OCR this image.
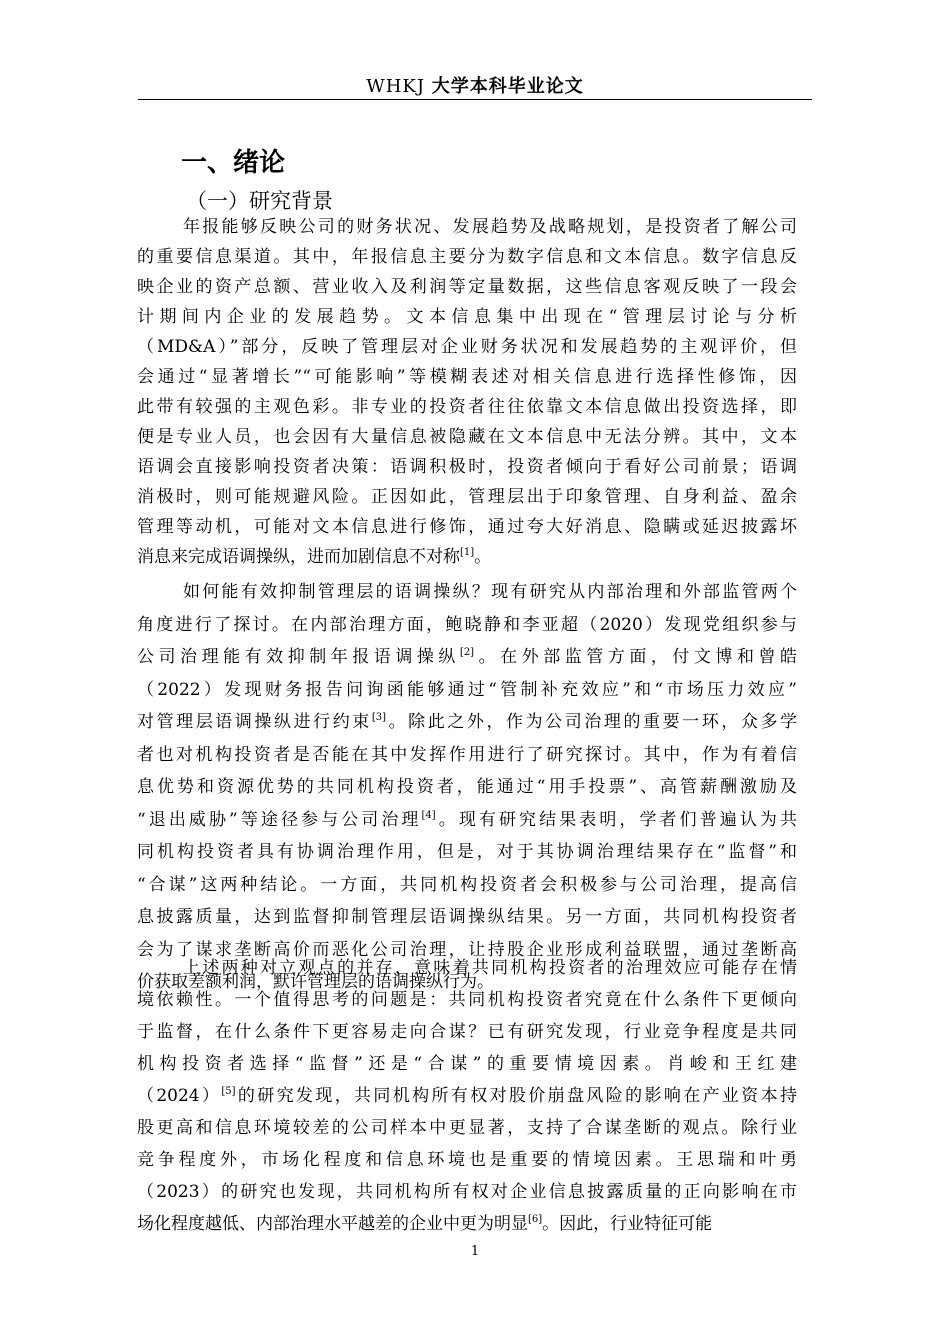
WHKJ 大学本科毕业论文
一、绪论
（一）研究背景
年报能够反映公司的财务状况、发展趋势及战略规划，是投资者了解公司
的重要信息渠道。其中，年报信息主要分为数字信息和文本信息。数字信息反
映企业的资产总额、营业收入及利润等定量数据，这些信息客观反映了一段会
计期间内企业的发展趋势。文本信息集中出现在“管理层讨论与分析
（MD&A）”部分，反映了管理层对企业财务状况和发展趋势的主观评价，但
会通过“显著增长”“可能影响”等模糊表述对相关信息进行选择性修饰，因
此带有较强的主观色彩。非专业的投资者往往依靠文本信息做出投资选择，即
便是专业人员，也会因有大量信息被隐藏在文本信息中无法分辨。其中，文本
语调会直接影响投资者决策：语调积极时，投资者倾向于看好公司前景；语调
消极时，则可能规避风险。正因如此，管理层出于印象管理、自身利益、盈余
管理等动机，可能对文本信息进行修饰，通过夸大好消息、隐瞒或延迟披露坏
消息来完成语调操纵，进而加剧信息不对称[1]。
如何能有效抑制管理层的语调操纵？现有研究从内部治理和外部监管两个
角度进行了探讨。在内部治理方面，鲍晓静和李亚超（2020）发现党组织参与
公司治理能有效抑制年报语调操纵[2]。在外部监管方面，付文博和曾皓
（2022）发现财务报告问询函能够通过“管制补充效应”和“市场压力效应”
对管理层语调操纵进行约束[3]。除此之外，作为公司治理的重要一环，众多学
者也对机构投资者是否能在其中发挥作用进行了研究探讨。其中，作为有着信
息优势和资源优势的共同机构投资者，能通过“用手投票”、高管薪酬激励及
“退出威胁”等途径参与公司治理[4]。现有研究结果表明，学者们普遍认为共
同机构投资者具有协调治理作用，但是，对于其协调治理结果存在“监督”和
“合谋”这两种结论。一方面，共同机构投资者会积极参与公司治理，提高信
息披露质量，达到监督抑制管理层语调操纵结果。另一方面，共同机构投资者
会为了谋求垄断高价而恶化公司治理，让持股企业形成利益联盟，通过垄断高
价获取差额利润，默许管理层的语调操纵行为。
上述两种对立观点的并存，意味着共同机构投资者的治理效应可能存在情
境依赖性。一个值得思考的问题是：共同机构投资者究竟在什么条件下更倾向
于监督，在什么条件下更容易走向合谋？已有研究发现，行业竞争程度是共同
机构投资者选择“监督”还是“合谋”的重要情境因素。肖峻和王红建
（2024）[5]的研究发现，共同机构所有权对股价崩盘风险的影响在产业资本持
股更高和信息环境较差的公司样本中更显著，支持了合谋垄断的观点。除行业
竞争程度外，市场化程度和信息环境也是重要的情境因素。王思瑞和叶勇
（2023）的研究也发现，共同机构所有权对企业信息披露质量的正向影响在市
场化程度越低、内部治理水平越差的企业中更为明显[6]。因此，行业特征可能
1
